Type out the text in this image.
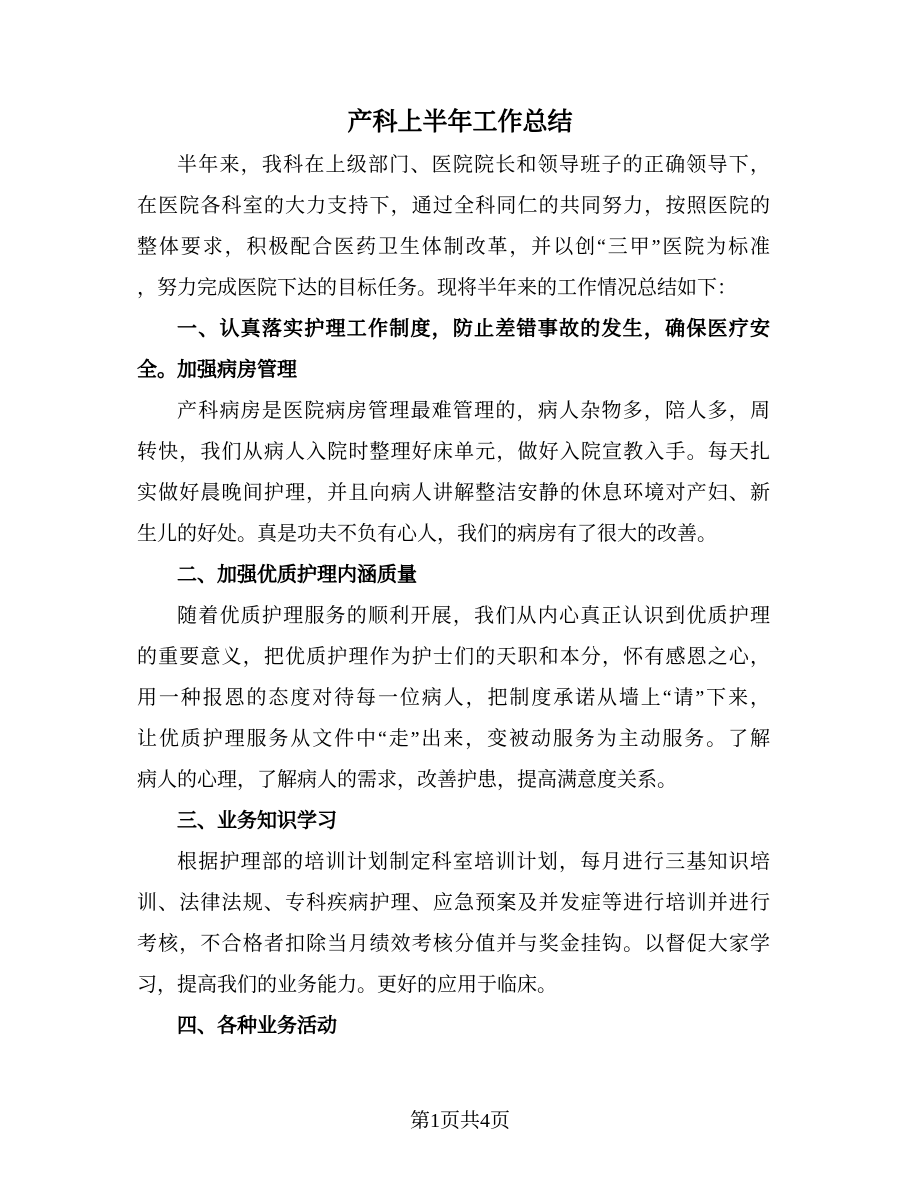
产科上半年工作总结
半年来，我科在上级部门、医院院长和领导班子的正确领导下，
在医院各科室的大力支持下，通过全科同仁的共同努力，按照医院的
整体要求，积极配合医药卫生体制改革，并以创“三甲”医院为标准
，努力完成医院下达的目标任务。现将半年来的工作情况总结如下：
一、认真落实护理工作制度，防止差错事故的发生，确保医疗安
全。加强病房管理
产科病房是医院病房管理最难管理的，病人杂物多，陪人多，周
转快，我们从病人入院时整理好床单元，做好入院宣教入手。每天扎
实做好晨晚间护理，并且向病人讲解整洁安静的休息环境对产妇、新
生儿的好处。真是功夫不负有心人，我们的病房有了很大的改善。
二、加强优质护理内涵质量
随着优质护理服务的顺利开展，我们从内心真正认识到优质护理
的重要意义，把优质护理作为护士们的天职和本分，怀有感恩之心，
用一种报恩的态度对待每一位病人，把制度承诺从墙上“请”下来，
让优质护理服务从文件中“走”出来，变被动服务为主动服务。了解
病人的心理，了解病人的需求，改善护患，提高满意度关系。
三、业务知识学习
根据护理部的培训计划制定科室培训计划，每月进行三基知识培
训、法律法规、专科疾病护理、应急预案及并发症等进行培训并进行
考核，不合格者扣除当月绩效考核分值并与奖金挂钩。以督促大家学
习，提高我们的业务能力。更好的应用于临床。
四、各种业务活动
第1页共4页
